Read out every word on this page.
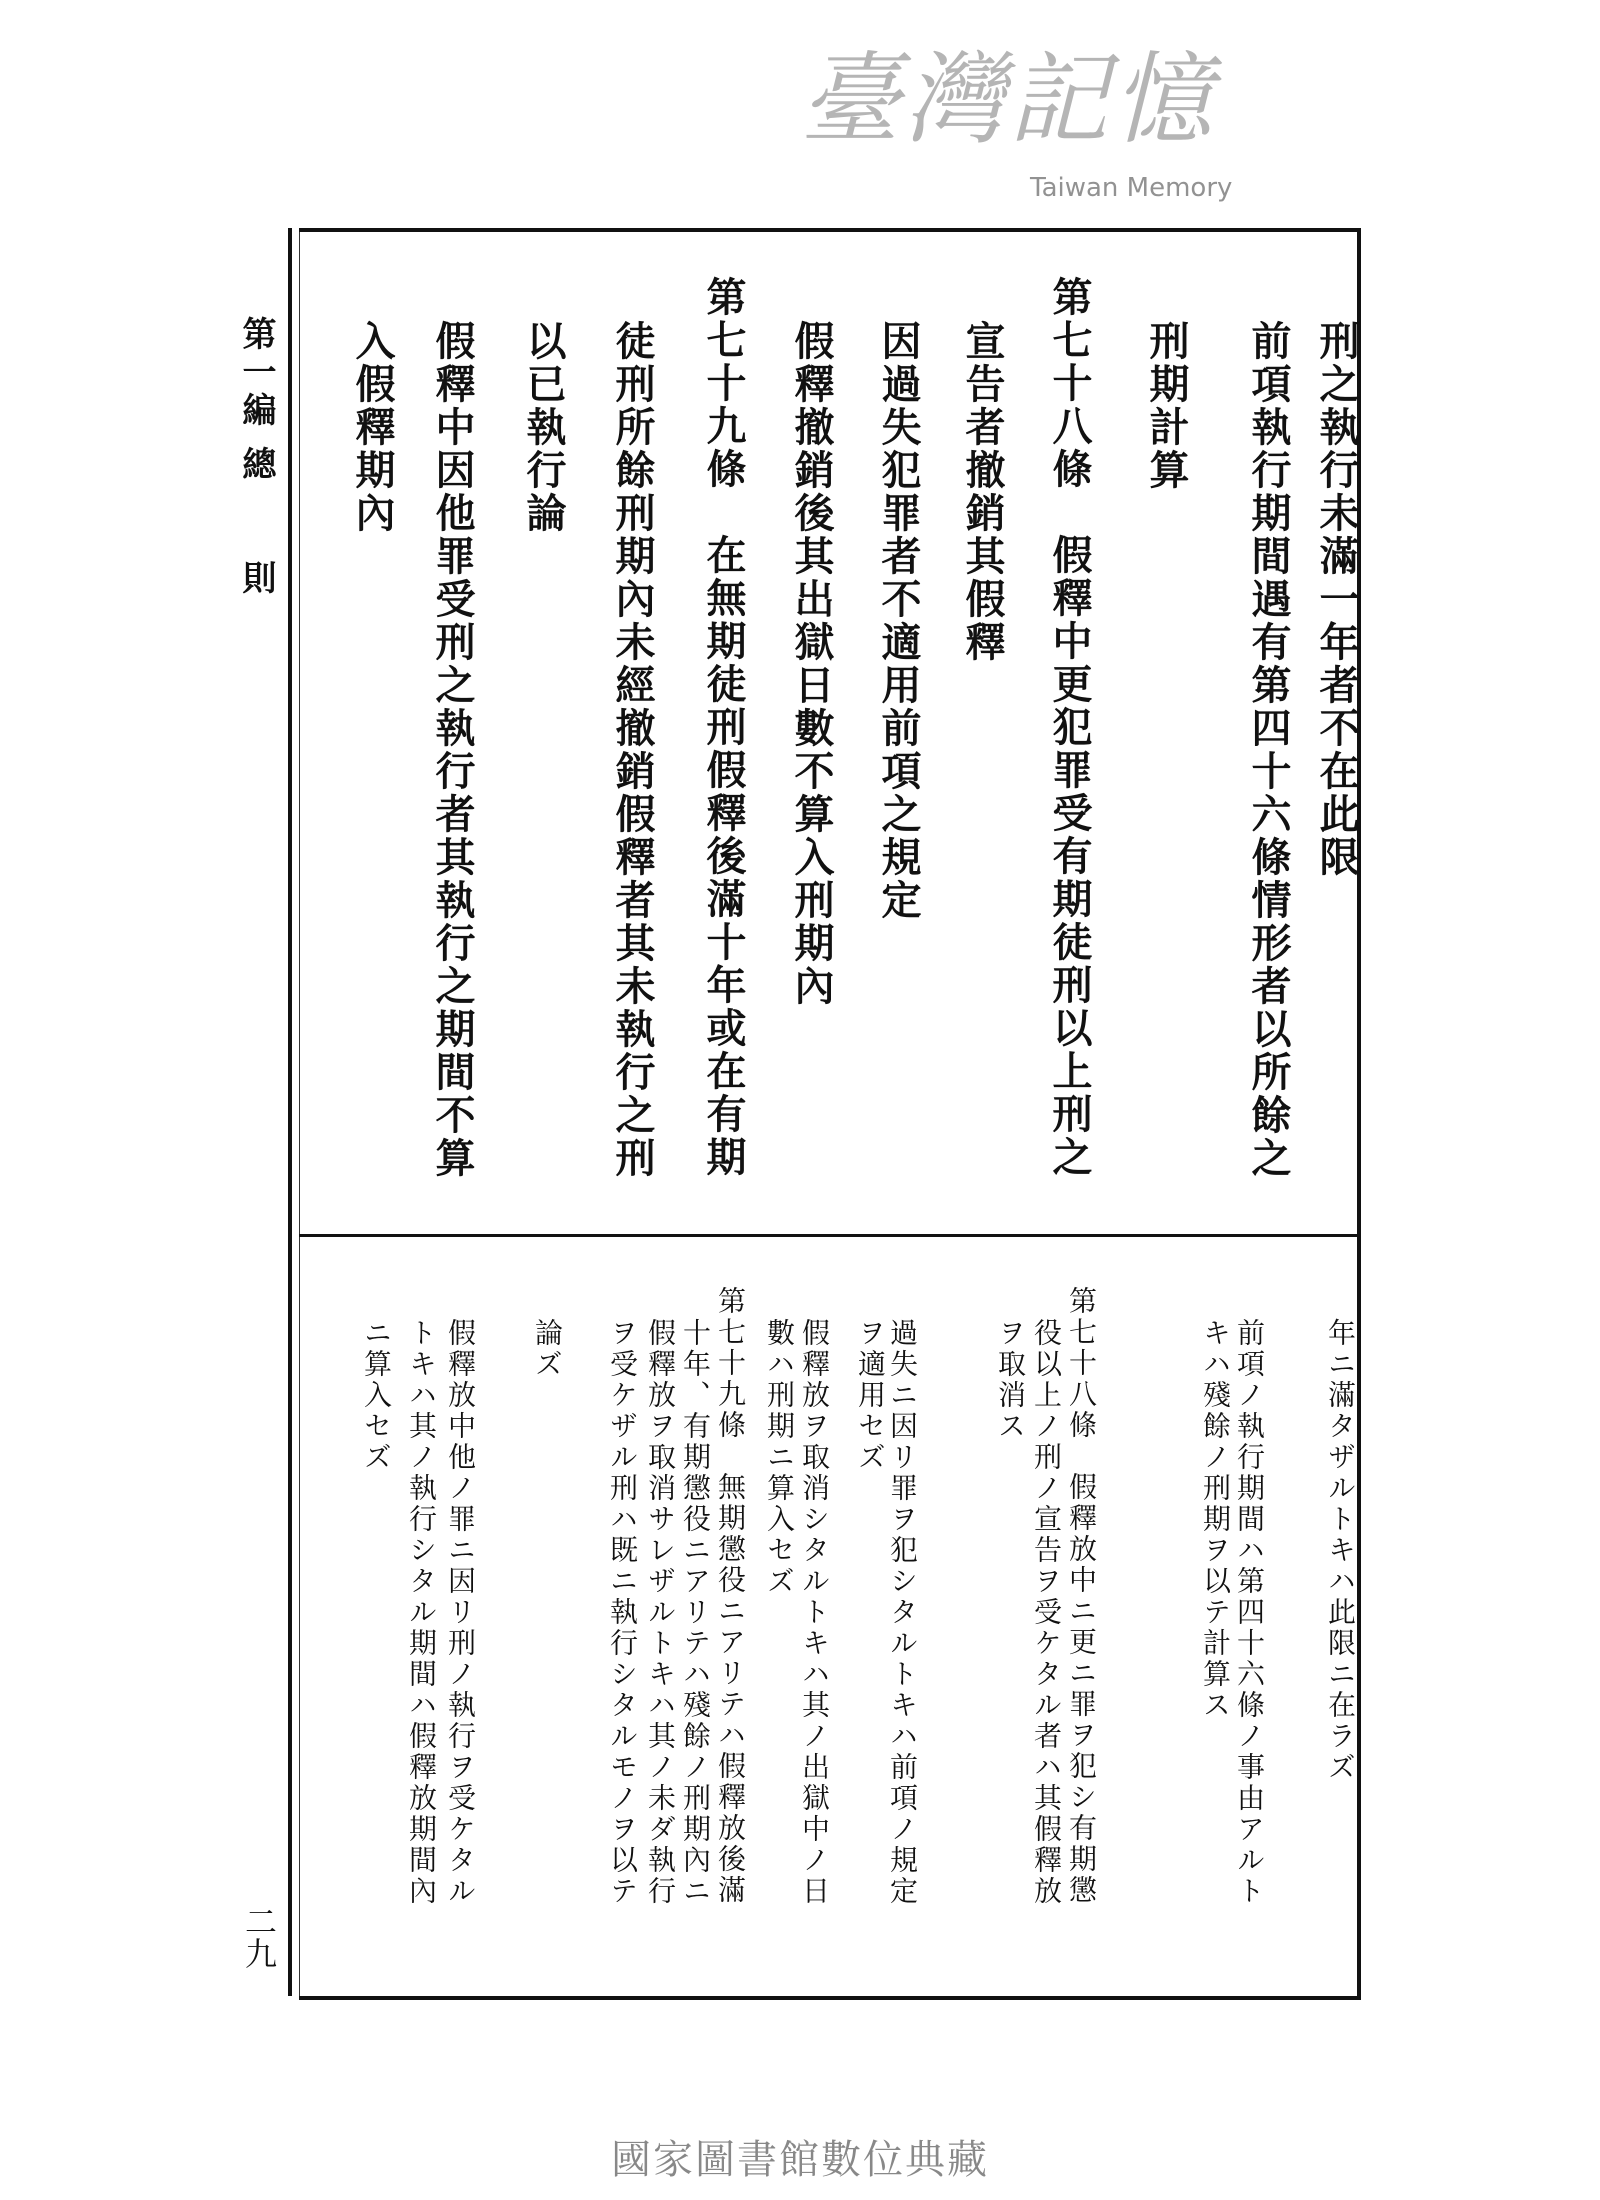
第一編 總　　則
二九
刑之執行未滿一年者不在此限
前項執行期間遇有第四十六條情形者以所餘之
刑期計算
第七十八條　假釋中更犯罪受有期徒刑以上刑之
宣告者撤銷其假釋
因過失犯罪者不適用前項之規定
假釋撤銷後其出獄日數不算入刑期內
第七十九條　在無期徒刑假釋後滿十年或在有期
徒刑所餘刑期內未經撤銷假釋者其未執行之刑
以已執行論
假釋中因他罪受刑之執行者其執行之期間不算
入假釋期內
年ニ滿タザルトキハ此限ニ在ラズ
前項ノ執行期間ハ第四十六條ノ事由アルト
キハ殘餘ノ刑期ヲ以テ計算ス
第七十八條　假釋放中ニ更ニ罪ヲ犯シ有期懲
役以上ノ刑ノ宣告ヲ受ケタル者ハ其假釋放
ヲ取消ス
過失ニ因リ罪ヲ犯シタルトキハ前項ノ規定
ヲ適用セズ
假釋放ヲ取消シタルトキハ其ノ出獄中ノ日
數ハ刑期ニ算入セズ
第七十九條　無期懲役ニアリテハ假釋放後滿
十年、有期懲役ニアリテハ殘餘ノ刑期內ニ
假釋放ヲ取消サレザルトキハ其ノ未ダ執行
ヲ受ケザル刑ハ既ニ執行シタルモノヲ以テ
論ズ
假釋放中他ノ罪ニ因リ刑ノ執行ヲ受ケタル
トキハ其ノ執行シタル期間ハ假釋放期間內
ニ算入セズ
臺灣記憶
Taiwan Memory
國家圖書館數位典藏
